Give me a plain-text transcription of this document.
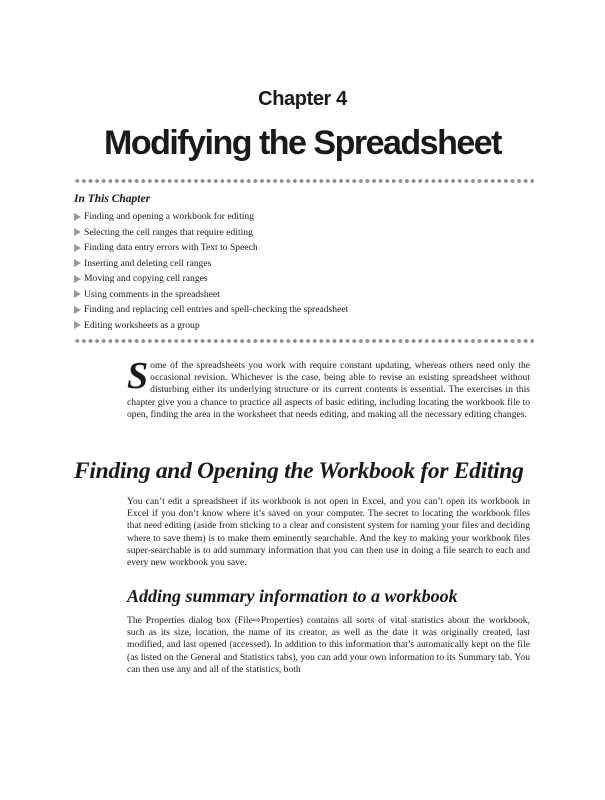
Chapter 4
Modifying the Spreadsheet
In This Chapter
Finding and opening a workbook for editing
Selecting the cell ranges that require editing
Finding data entry errors with Text to Speech
Inserting and deleting cell ranges
Moving and copying cell ranges
Using comments in the spreadsheet
Finding and replacing cell entries and spell-checking the spreadsheet
Editing worksheets as a group

Some of the spreadsheets you work with require constant updating, whereas others need only the occasional revision. Whichever is the case, being able to revise an existing spreadsheet without disturbing either its underlying structure or its current contents is essential. The exercises in this chapter give you a chance to practice all aspects of basic editing, including locating the workbook file to open, finding the area in the worksheet that needs editing, and making all the necessary editing changes.

Finding and Opening the Workbook for Editing

You can’t edit a spreadsheet if its workbook is not open in Excel, and you can’t open its workbook in Excel if you don’t know where it’s saved on your computer. The secret to locating the workbook files that need editing (aside from sticking to a clear and consistent system for naming your files and deciding where to save them) is to make them eminently searchable. And the key to making your workbook files super-searchable is to add summary information that you can then use in doing a file search to each and every new workbook you save.

Adding summary information to a workbook

The Properties dialog box (File⇨Properties) contains all sorts of vital statistics about the workbook, such as its size, location, the name of its creator, as well as the date it was originally created, last modified, and last opened (accessed). In addition to this information that’s automatically kept on the file (as listed on the General and Statistics tabs), you can add your own information to its Summary tab. You can then use any and all of the statistics, both
